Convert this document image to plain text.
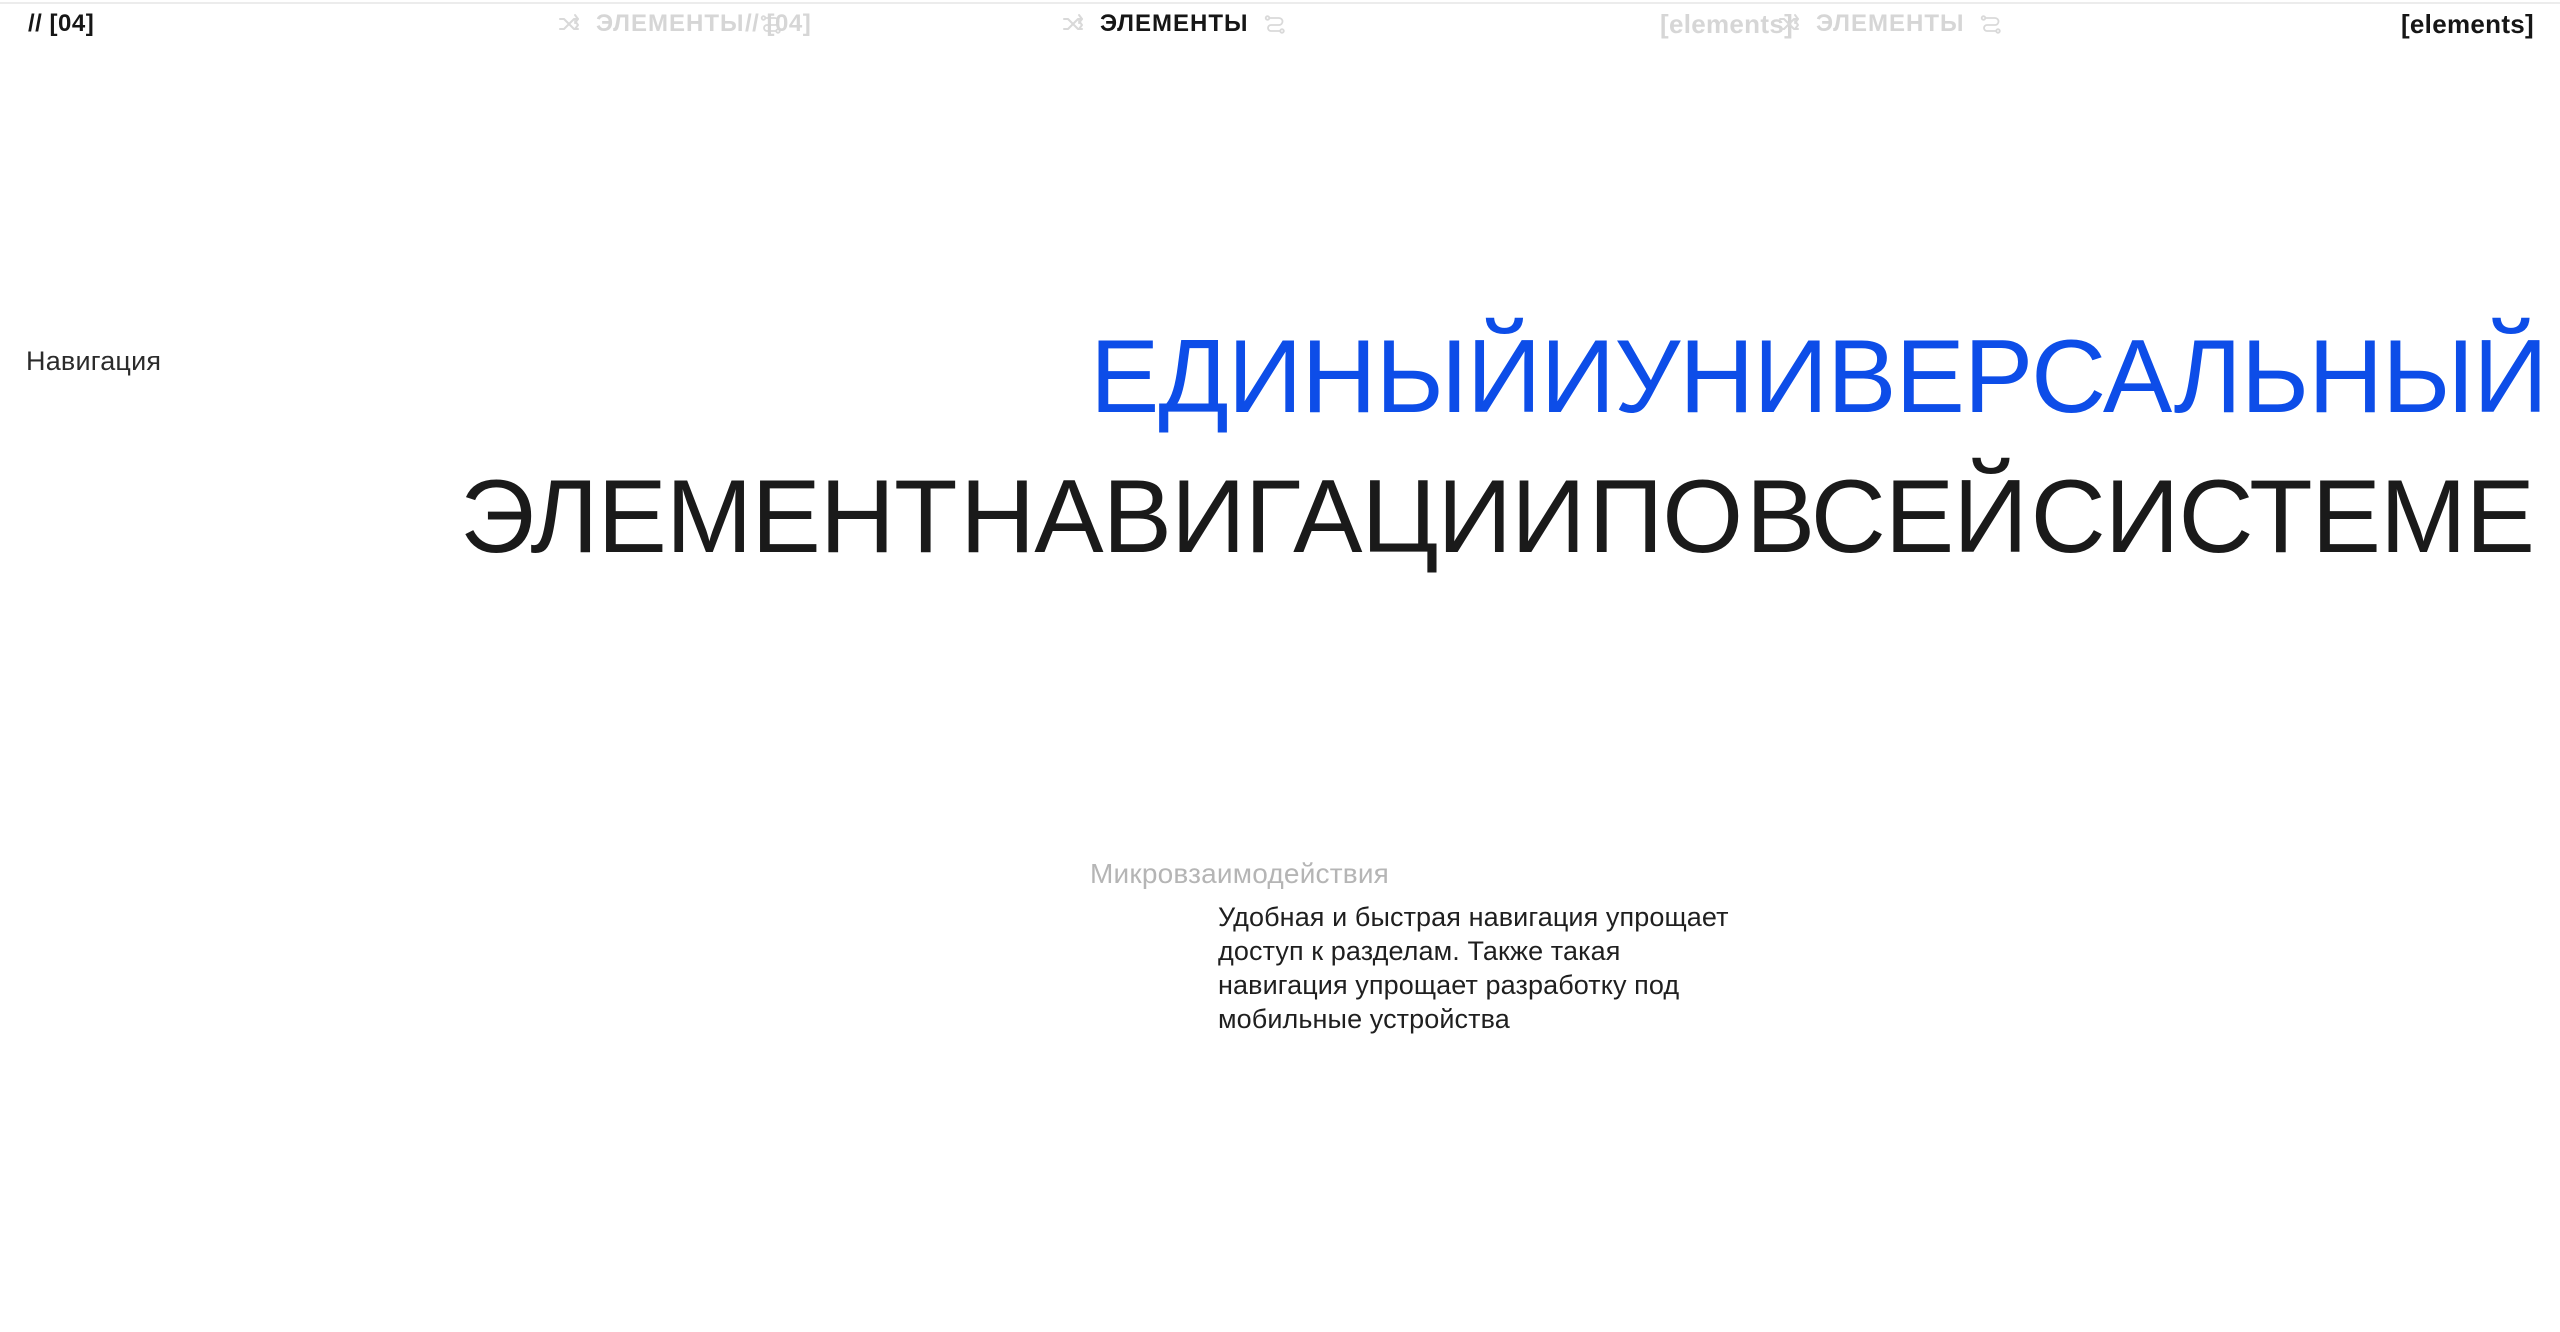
// [04]	ЭЛЕМЕНТЫ // [04]	ЭЛЕМЕНТЫ	[elements] ЭЛЕМЕНТЫ	[elements]
Навигация	ЕДИНЫЙ И УНИВЕРСАЛЬНЫЙ
ЭЛЕМЕНТ НАВИГАЦИИ ПО ВСЕЙ СИСТЕМЕ
Микровзаимодействия
Удобная и быстрая навигация упрощает
доступ к разделам. Также такая
навигация упрощает разработку под
мобильные устройства
